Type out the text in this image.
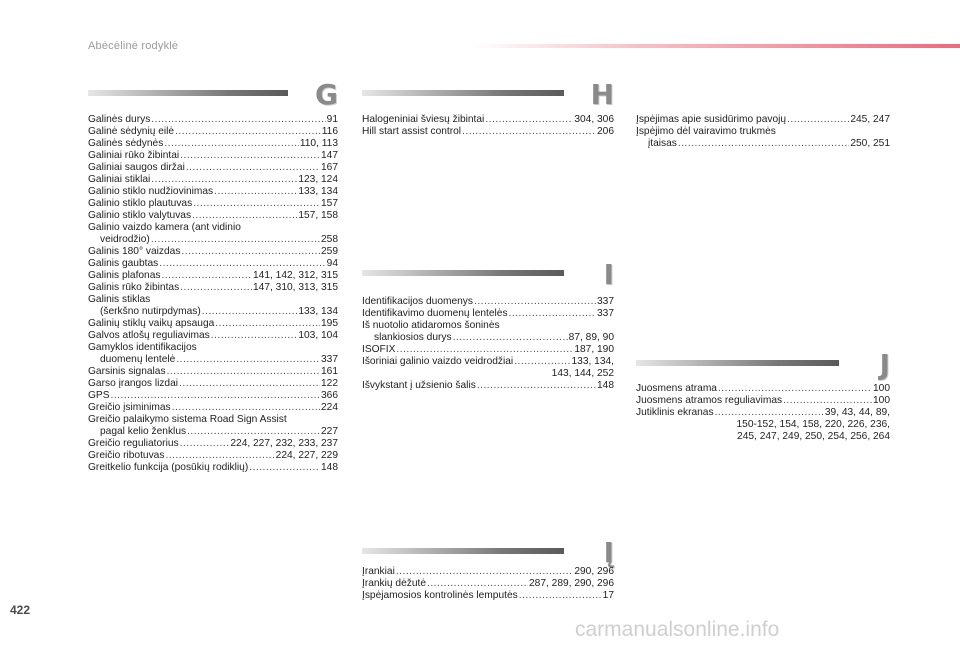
Abėcėlinė rodyklė
G
Galinės durys .....	91
Galinė sėdynių eilė .....	116
Galinės sėdynės .....	110, 113
Galiniai rūko žibintai .....	147
Galiniai saugos diržai .....	167
Galiniai stiklai .....	123, 124
Galinio stiklo nudžiovinimas .....	133, 134
Galinio stiklo plautuvas .....	157
Galinio stiklo valytuvas .....	157, 158
Galinio vaizdo kamera (ant vidinio
veidrodžio) .....	258
Galinis 180° vaizdas .....	259
Galinis gaubtas .....	94
Galinis plafonas .....	141, 142, 312, 315
Galinis rūko žibintas .....	147, 310, 313, 315
Galinis stiklas
(šerkšno nutirpdymas) .....	133, 134
Galinių stiklų vaikų apsauga .....	195
Galvos atlošų reguliavimas .....	103, 104
Gamyklos identifikacijos
duomenų lentelė .....	337
Garsinis signalas .....	161
Garso įrangos lizdai .....	122
GPS .....	366
Greičio įsiminimas .....	224
Greičio palaikymo sistema Road Sign Assist
pagal kelio ženklus .....	227
Greičio reguliatorius .....	224, 227, 232, 233, 237
Greičio ribotuvas .....	224, 227, 229
Greitkelio funkcija (posūkių rodiklių) .....	148
H
Halogeniniai šviesų žibintai .....	304, 306
Hill start assist control .....	206
I
Identifikacijos duomenys .....	337
Identifikavimo duomenų lentelės .....	337
Iš nuotolio atidaromos šoninės
slankiosios durys .....	87, 89, 90
ISOFIX .....	187, 190
Išoriniai galinio vaizdo veidrodžiai .....	133, 134,
143, 144, 252
Išvykstant į užsienio šalis .....	148
Į
Įrankiai .....	290, 296
Įrankių dėžutė .....	287, 289, 290, 296
Įspėjamosios kontrolinės lemputės .....	17
Įspėjimas apie susidūrimo pavojų .....	245, 247
Įspėjimo dėl vairavimo trukmės
įtaisas .....	250, 251
J
Juosmens atrama .....	100
Juosmens atramos reguliavimas .....	100
Jutiklinis ekranas .....	39, 43, 44, 89,
150-152, 154, 158, 220, 226, 236,
245, 247, 249, 250, 254, 256, 264
422
carmanualsonline.info
